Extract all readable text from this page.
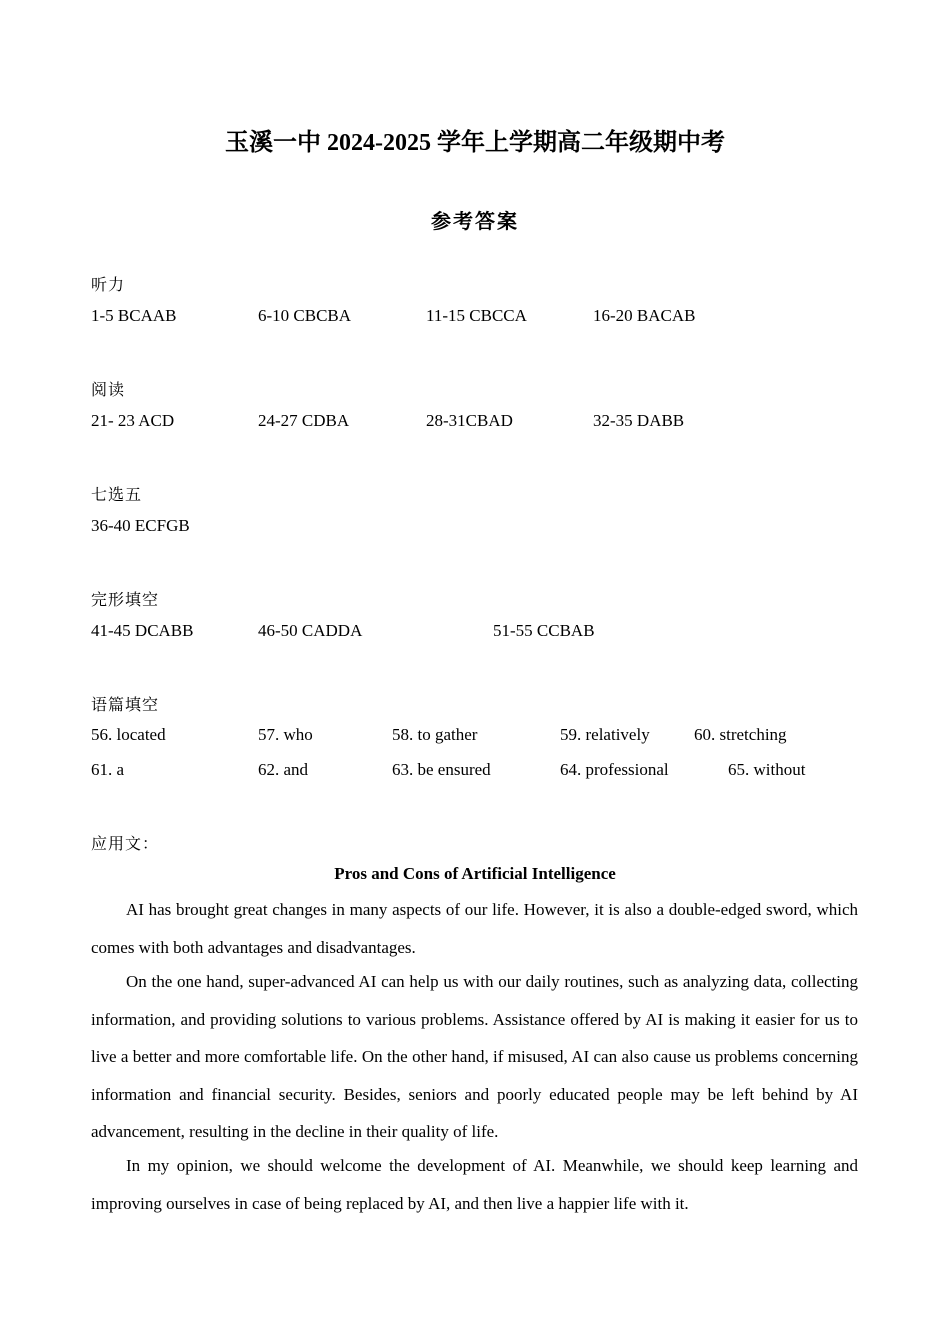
玉溪一中 2024-2025 学年上学期高二年级期中考
参考答案
听力
1-5 BCAAB	6-10 CBCBA	11-15 CBCCA	16-20 BACAB
阅读
21- 23 ACD	24-27 CDBA	28-31CBAD	32-35 DABB
七选五
36-40 ECFGB
完形填空
41-45 DCABB	46-50 CADDA	51-55 CCBAB
语篇填空
56. located	57. who	58. to gather	59. relatively	60. stretching
61. a	62. and	63. be ensured	64. professional	65. without
应用文：
Pros and Cons of Artificial Intelligence

AI has brought great changes in many aspects of our life. However, it is also a double-edged sword, which comes with both advantages and disadvantages.

On the one hand, super-advanced AI can help us with our daily routines, such as analyzing data, collecting information, and providing solutions to various problems. Assistance offered by AI is making it easier for us to live a better and more comfortable life. On the other hand, if misused, AI can also cause us problems concerning information and financial security. Besides, seniors and poorly educated people may be left behind by AI advancement, resulting in the decline in their quality of life.

In my opinion, we should welcome the development of AI. Meanwhile, we should keep learning and improving ourselves in case of being replaced by AI, and then live a happier life with it.
